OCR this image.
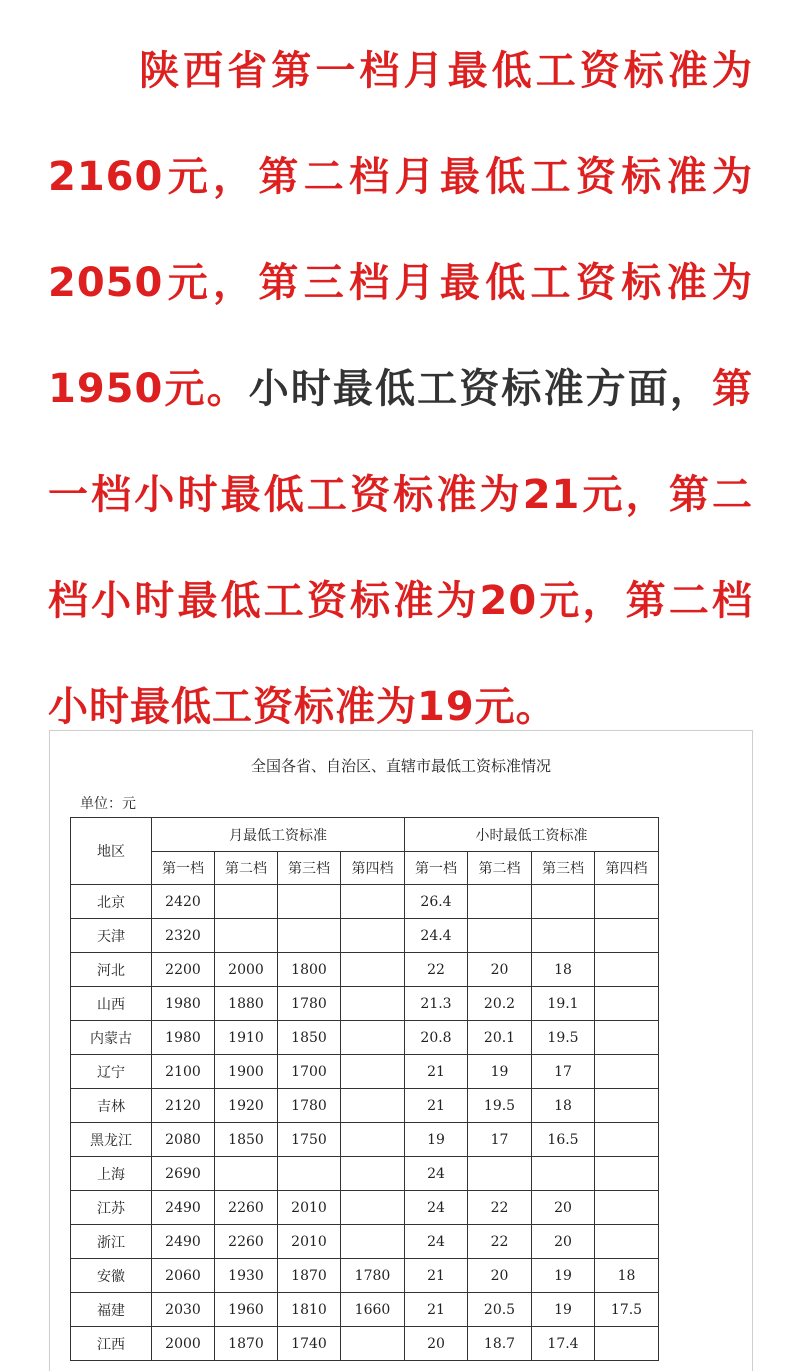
陕西省第一档月最低工资标准为2160元，第二档月最低工资标准为2050元，第三档月最低工资标准为1950元。小时最低工资标准方面，第一档小时最低工资标准为21元，第二档小时最低工资标准为20元，第二档小时最低工资标准为19元。

全国各省、自治区、直辖市最低工资标准情况
单位：元
地区	月最低工资标准				小时最低工资标准			
	第一档	第二档	第三档	第四档	第一档	第二档	第三档	第四档
北京	2420				26.4			
天津	2320				24.4			
河北	2200	2000	1800		22	20	18	
山西	1980	1880	1780		21.3	20.2	19.1	
内蒙古	1980	1910	1850		20.8	20.1	19.5	
辽宁	2100	1900	1700		21	19	17	
吉林	2120	1920	1780		21	19.5	18	
黑龙江	2080	1850	1750		19	17	16.5	
上海	2690				24			
江苏	2490	2260	2010		24	22	20	
浙江	2490	2260	2010		24	22	20	
安徽	2060	1930	1870	1780	21	20	19	18
福建	2030	1960	1810	1660	21	20.5	19	17.5
江西	2000	1870	1740		20	18.7	17.4	
